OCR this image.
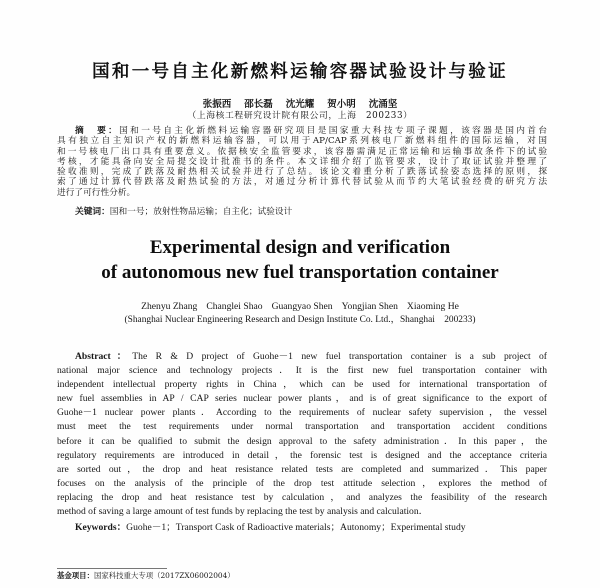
国和一号自主化新燃料运输容器试验设计与验证
张振西 邵长磊 沈光耀 贺小明 沈涌坚
（上海核工程研究设计院有限公司，上海　200233）
摘　要：国和一号自主化新燃料运输容器研究项目是国家重大科技专项子课题，该容器是国内首台
具有独立自主知识产权的新燃料运输容器，可以用于AP/CAP系列核电厂新燃料组件的国际运输，对国
和一号核电厂出口具有重要意义。依据核安全监管要求，该容器需满足正常运输和运输事故条件下的试验
考核，才能具备向安全局提交设计批准书的条件。本文详细介绍了监管要求，设计了取证试验并整理了
验收准则，完成了跌落及耐热相关试验并进行了总结。该论文着重分析了跌落试验姿态选择的原则，探
索了通过计算代替跌落及耐热试验的方法，对通过分析计算代替试验从而节约大笔试验经费的研究方法
进行了可行性分析。
关键词：国和一号；放射性物品运输；自主化；试验设计
Experimental design and verification
of autonomous new fuel transportation container
Zhenyu Zhang Changlei Shao Guangyao Shen Yongjian Shen Xiaoming He
(Shanghai Nuclear Engineering Research and Design Institute Co. Ltd.，Shanghai　200233)
Abstract：The R & D project of Guohe－1 new fuel transportation container is a sub project of
national major science and technology projects．It is the first new fuel transportation container with
independent intellectual property rights in China，which can be used for international transportation of
new fuel assemblies in AP / CAP series nuclear power plants，and is of great significance to the export of
Guohe－1 nuclear power plants．According to the requirements of nuclear safety supervision，the vessel
must meet the test requirements under normal transportation and transportation accident conditions
before it can be qualified to submit the design approval to the safety administration．In this paper，the
regulatory requirements are introduced in detail，the forensic test is designed and the acceptance criteria
are sorted out，the drop and heat resistance related tests are completed and summarized．This paper
focuses on the analysis of the principle of the drop test attitude selection，explores the method of
replacing the drop and heat resistance test by calculation，and analyzes the feasibility of the research
method of saving a large amount of test funds by replacing the test by analysis and calculation．
Keywords：Guohe－1；Transport Cask of Radioactive materials；Autonomy；Experimental study
基金项目：国家科技重大专项（2017ZX06002004）
